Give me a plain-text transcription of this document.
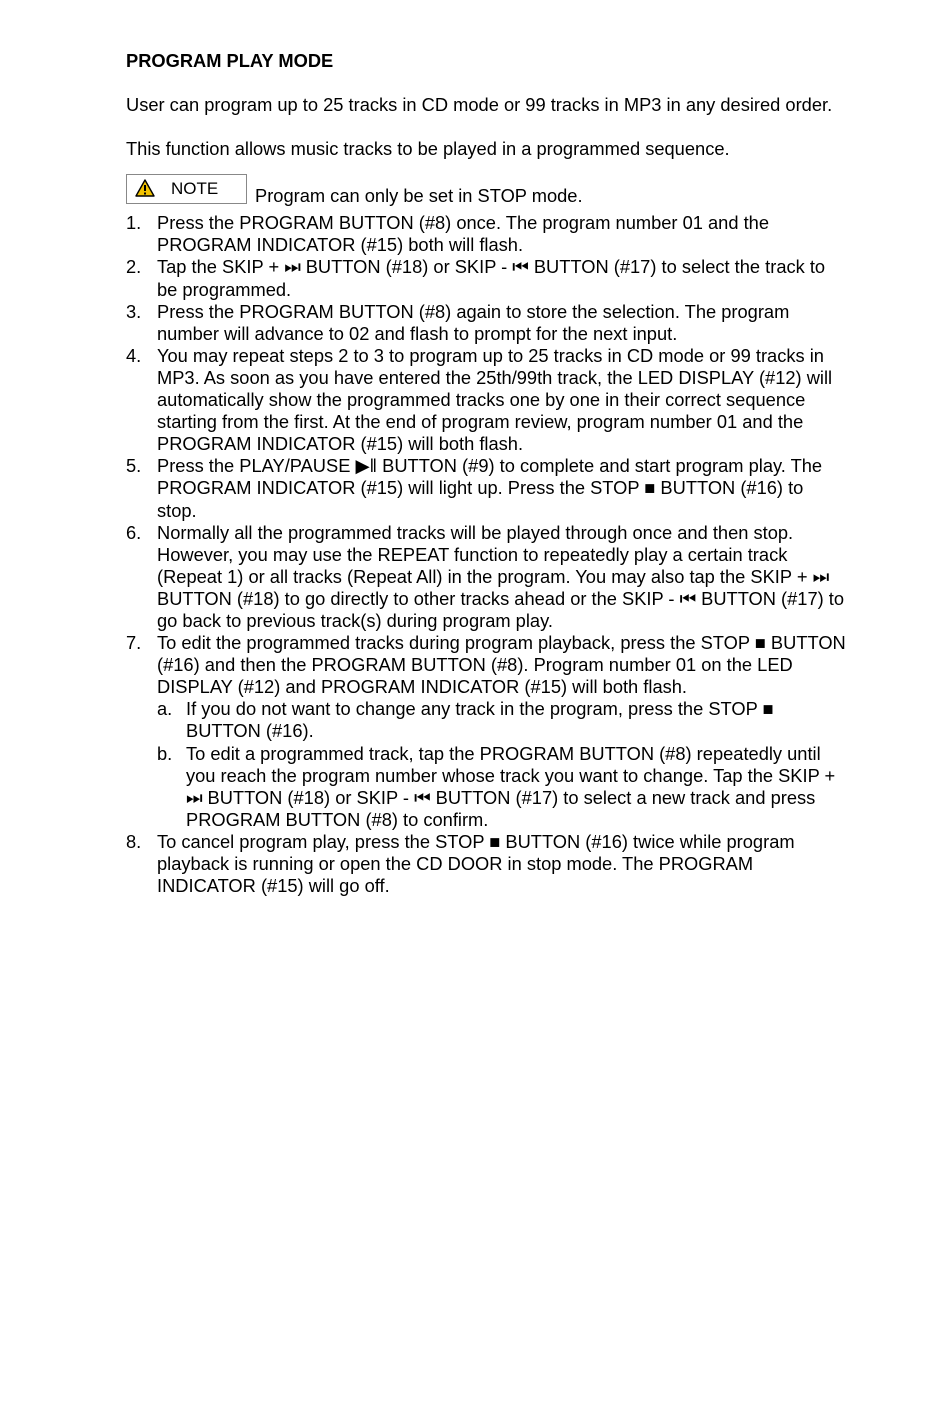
PROGRAM PLAY MODE

User can program up to 25 tracks in CD mode or 99 tracks in MP3 in any desired order.

This function allows music tracks to be played in a programmed sequence.

NOTE Program can only be set in STOP mode.
1. Press the PROGRAM BUTTON (#8) once. The program number 01 and the PROGRAM INDICATOR (#15) both will flash.
2. Tap the SKIP + ⏭ BUTTON (#18) or SKIP - ⏮ BUTTON (#17) to select the track to be programmed.
3. Press the PROGRAM BUTTON (#8) again to store the selection. The program number will advance to 02 and flash to prompt for the next input.
4. You may repeat steps 2 to 3 to program up to 25 tracks in CD mode or 99 tracks in MP3. As soon as you have entered the 25th/99th track, the LED DISPLAY (#12) will automatically show the programmed tracks one by one in their correct sequence starting from the first. At the end of program review, program number 01 and the PROGRAM INDICATOR (#15) will both flash.
5. Press the PLAY/PAUSE ▶ǁ BUTTON (#9) to complete and start program play. The PROGRAM INDICATOR (#15) will light up. Press the STOP ■ BUTTON (#16) to stop.
6. Normally all the programmed tracks will be played through once and then stop. However, you may use the REPEAT function to repeatedly play a certain track (Repeat 1) or all tracks (Repeat All) in the program. You may also tap the SKIP + ⏭ BUTTON (#18) to go directly to other tracks ahead or the SKIP - ⏮ BUTTON (#17) to go back to previous track(s) during program play.
7. To edit the programmed tracks during program playback, press the STOP ■ BUTTON (#16) and then the PROGRAM BUTTON (#8). Program number 01 on the LED DISPLAY (#12) and PROGRAM INDICATOR (#15) will both flash.
a. If you do not want to change any track in the program, press the STOP ■ BUTTON (#16).
b. To edit a programmed track, tap the PROGRAM BUTTON (#8) repeatedly until you reach the program number whose track you want to change. Tap the SKIP + ⏭ BUTTON (#18) or SKIP - ⏮ BUTTON (#17) to select a new track and press PROGRAM BUTTON (#8) to confirm.
8. To cancel program play, press the STOP ■ BUTTON (#16) twice while program playback is running or open the CD DOOR in stop mode. The PROGRAM INDICATOR (#15) will go off.
